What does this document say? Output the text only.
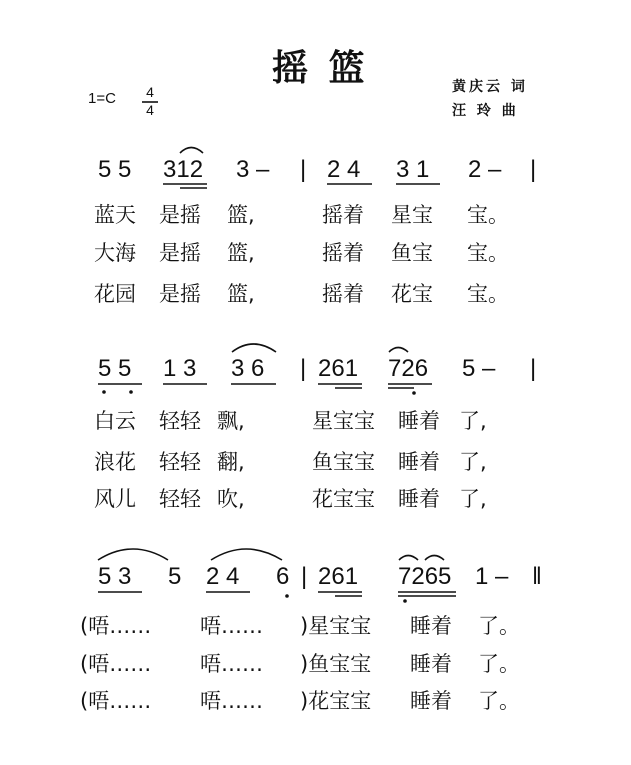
摇 篮	黄庆云 词
汪 玲 曲
1=C 4
4
5 5 312 3 – | 2 4 3 1 2 – |
蓝天 是摇 篮,	摇着 星宝 宝。
大海 是摇 篮,	摇着 鱼宝 宝。
花园 是摇 篮,	摇着 花宝 宝。
5 5 1 3 3 6 | 261 726 5 – |
白云 轻轻 飘,	星宝宝 睡着 了,
浪花 轻轻 翻,	鱼宝宝 睡着 了,
风儿 轻轻 吹,	花宝宝 睡着 了,
5 3 5 2 4 6 | 261 7265 1 – ‖
(唔…… 唔…… )星宝宝 睡着 了。
(唔…… 唔…… )鱼宝宝 睡着 了。
(唔…… 唔…… )花宝宝 睡着 了。
